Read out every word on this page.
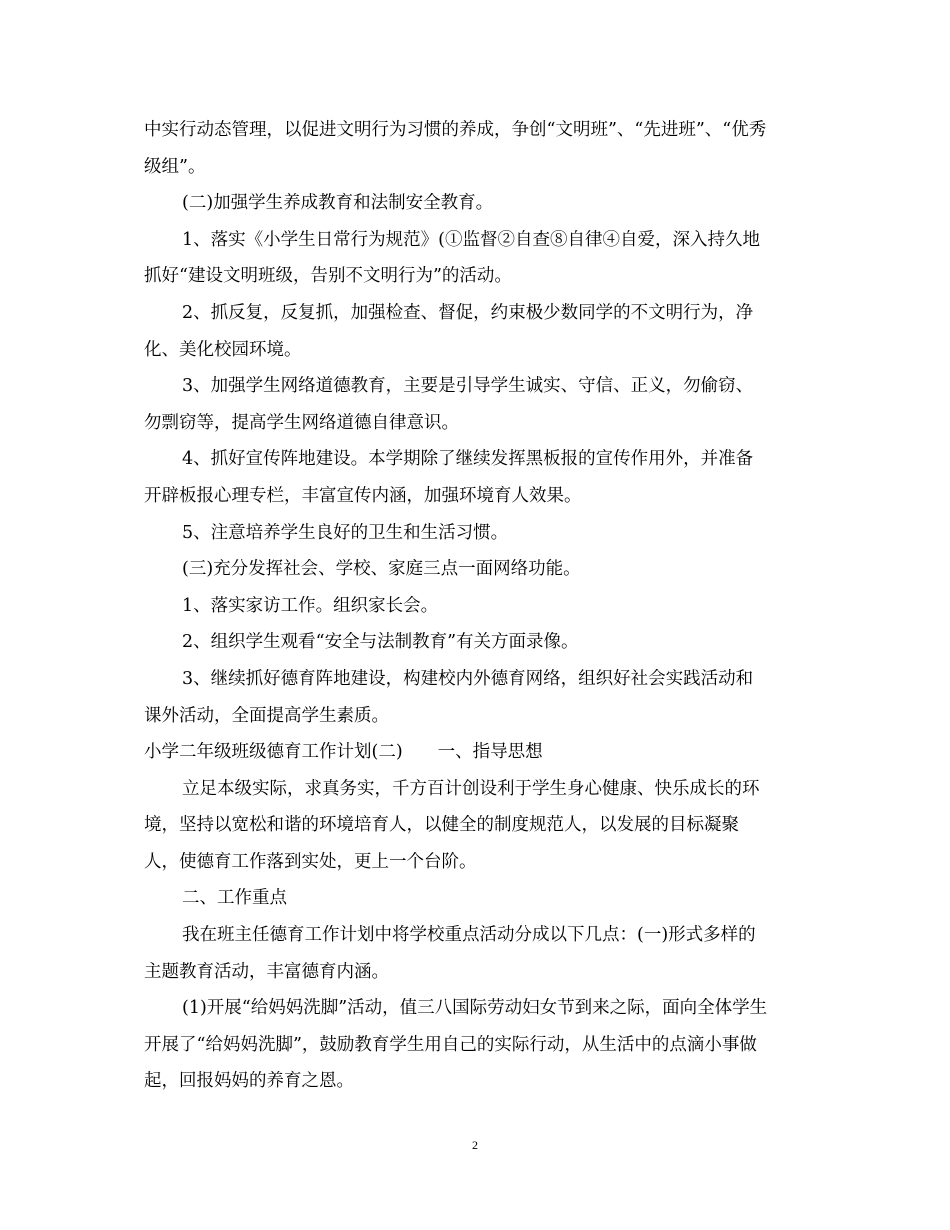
中实行动态管理，以促进文明行为习惯的养成，争创“文明班”、“先进班”、“优秀
级组”。
(二)加强学生养成教育和法制安全教育。
1、落实《小学生日常行为规范》(①监督②自查⑧自律④自爱，深入持久地
抓好“建设文明班级，告别不文明行为”的活动。
2、抓反复，反复抓，加强检查、督促，约束极少数同学的不文明行为，净
化、美化校园环境。
3、加强学生网络道德教育，主要是引导学生诚实、守信、正义，勿偷窃、
勿剽窃等，提高学生网络道德自律意识。
4、抓好宣传阵地建设。本学期除了继续发挥黑板报的宣传作用外，并准备
开辟板报心理专栏，丰富宣传内涵，加强环境育人效果。
5、注意培养学生良好的卫生和生活习惯。
(三)充分发挥社会、学校、家庭三点一面网络功能。
1、落实家访工作。组织家长会。
2、组织学生观看“安全与法制教育”有关方面录像。
3、继续抓好德育阵地建设，构建校内外德育网络，组织好社会实践活动和
课外活动，全面提高学生素质。
小学二年级班级德育工作计划(二)　　一、指导思想
立足本级实际，求真务实，千方百计创设利于学生身心健康、快乐成长的环
境，坚持以宽松和谐的环境培育人，以健全的制度规范人，以发展的目标凝聚
人，使德育工作落到实处，更上一个台阶。
二、工作重点
我在班主任德育工作计划中将学校重点活动分成以下几点：(一)形式多样的
主题教育活动，丰富德育内涵。
(1)开展“给妈妈洗脚”活动，值三八国际劳动妇女节到来之际，面向全体学生
开展了“给妈妈洗脚”，鼓励教育学生用自己的实际行动，从生活中的点滴小事做
起，回报妈妈的养育之恩。
2
